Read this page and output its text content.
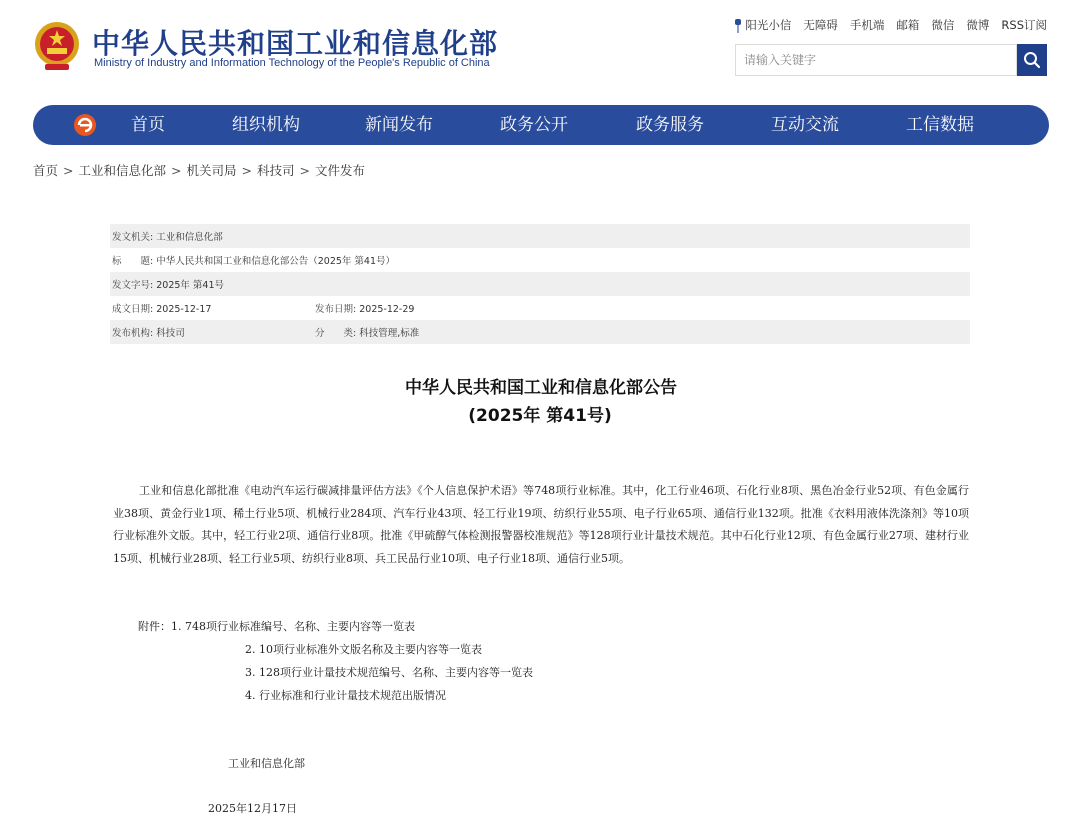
中华人民共和国工业和信息化部
Ministry of Industry and Information Technology of the People's Republic of China
阳光小信 无障碍 手机端 邮箱 微信 微博 RSS订阅
请输入关键字
首页	组织机构	新闻发布	政务公开	政务服务	互动交流	工信数据
首页 > 工业和信息化部 > 机关司局 > 科技司 > 文件发布
发文机关: 工业和信息化部
标　　题: 中华人民共和国工业和信息化部公告（2025年 第41号）
发文字号: 2025年 第41号
成文日期: 2025-12-17	发布日期: 2025-12-29
发布机构: 科技司	分　　类: 科技管理,标准
中华人民共和国工业和信息化部公告
(2025年 第41号)
工业和信息化部批准《电动汽车运行碳减排量评估方法》《个人信息保护术语》等748项行业标准。其中，化工行业46项、石化行业8项、黑色冶金行业52项、有色金属行业38项、黄金行业1项、稀土行业5项、机械行业284项、汽车行业43项、轻工行业19项、纺织行业55项、电子行业65项、通信行业132项。批准《衣料用液体洗涤剂》等10项行业标准外文版。其中，轻工行业2项、通信行业8项。批准《甲硫醇气体检测报警器校准规范》等128项行业计量技术规范。其中石化行业12项、有色金属行业27项、建材行业15项、机械行业28项、轻工行业5项、纺织行业8项、兵工民品行业10项、电子行业18项、通信行业5项。
附件：1. 748项行业标准编号、名称、主要内容等一览表
2. 10项行业标准外文版名称及主要内容等一览表
3. 128项行业计量技术规范编号、名称、主要内容等一览表
4. 行业标准和行业计量技术规范出版情况
工业和信息化部
2025年12月17日
